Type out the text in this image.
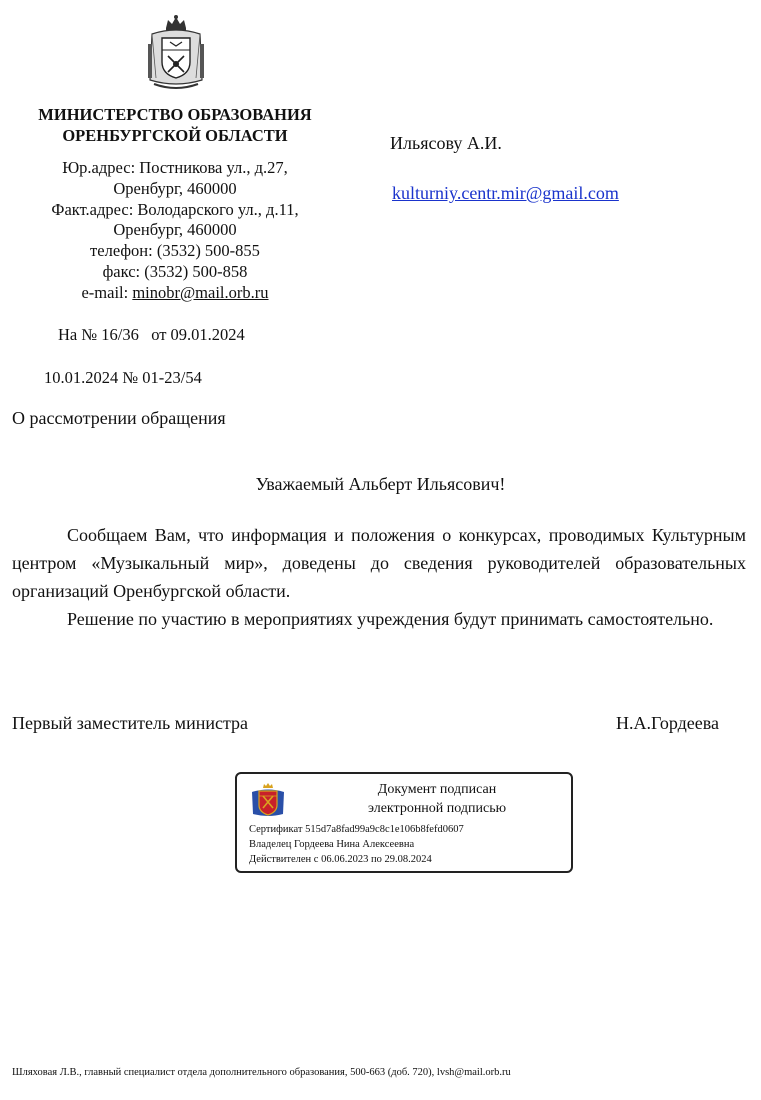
МИНИСТЕРСТВО ОБРАЗОВАНИЯ
ОРЕНБУРГСКОЙ ОБЛАСТИ
Юр.адрес: Постникова ул., д.27,
Оренбург, 460000
Факт.адрес: Володарского ул., д.11,
Оренбург, 460000
телефон: (3532) 500-855
факс: (3532) 500-858
e-mail: minobr@mail.orb.ru
На № 16/36   от 09.01.2024
10.01.2024 № 01-23/54
Ильясову А.И.
kulturniy.centr.mir@gmail.com
О рассмотрении обращения
Уважаемый Альберт Ильясович!
Сообщаем Вам, что информация и положения о конкурсах, проводимых Культурным центром «Музыкальный мир», доведены до сведения руководителей образовательных организаций Оренбургской области.
Решение по участию в мероприятиях учреждения будут принимать самостоятельно.
Первый заместитель министра	Н.А.Гордеева
Документ подписан
электронной подписью
Сертификат 515d7a8fad99a9c8c1e106b8fefd0607
Владелец Гордеева Нина Алексеевна
Действителен с 06.06.2023 по 29.08.2024
Шляховая Л.В., главный специалист отдела дополнительного образования, 500-663 (доб. 720), lvsh@mail.orb.ru
